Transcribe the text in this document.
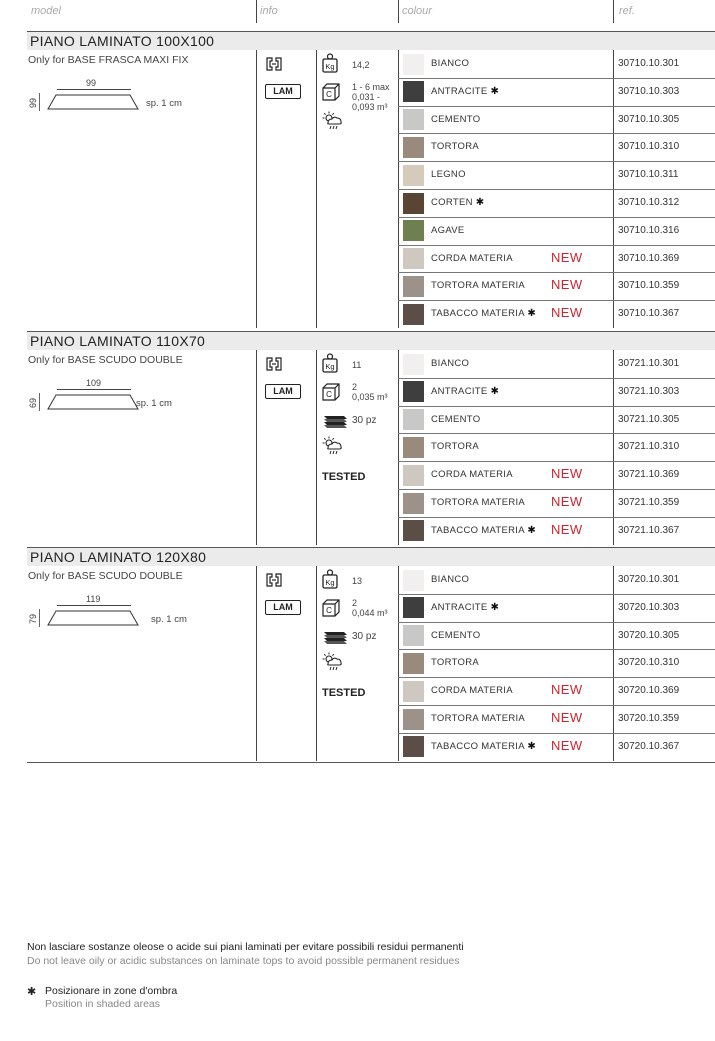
model	info	colour	ref.
PIANO LAMINATO 100X100
Only for BASE FRASCA MAXI FIX
99
99	sp. 1 cm
LAM
Kg 14,2
C
1 - 6 max
0,031 - 0,093 m³
BIANCO	30710.10.301
ANTRACITE ✱	30710.10.303
CEMENTO	30710.10.305
TORTORA	30710.10.310
LEGNO	30710.10.311
CORTEN ✱	30710.10.312
AGAVE	30710.10.316
CORDA MATERIA	NEW	30710.10.369
TORTORA MATERIA NEW	30710.10.359
TABACCO MATERIA ✱ NEW	30710.10.367
PIANO LAMINATO 110X70
Only for BASE SCUDO DOUBLE
109
69	sp. 1 cm
LAM
Kg 11
C
2
0,035 m³
30 pz
TESTED
BIANCO	30721.10.301
ANTRACITE ✱	30721.10.303
CEMENTO	30721.10.305
TORTORA	30721.10.310
CORDA MATERIA	NEW	30721.10.369
TORTORA MATERIA NEW	30721.10.359
TABACCO MATERIA ✱ NEW	30721.10.367
PIANO LAMINATO 120X80
Only for BASE SCUDO DOUBLE
119
79	sp. 1 cm
LAM
Kg 13
C
2
0,044 m³
30 pz
TESTED
BIANCO	30720.10.301
ANTRACITE ✱	30720.10.303
CEMENTO	30720.10.305
TORTORA	30720.10.310
CORDA MATERIA	NEW	30720.10.369
TORTORA MATERIA NEW	30720.10.359
TABACCO MATERIA ✱ NEW	30720.10.367
Non lasciare sostanze oleose o acide sui piani laminati per evitare possibili residui permanenti
Do not leave oily or acidic substances on laminate tops to avoid possible permanent residues
✱ Posizionare in zone d'ombra
Position in shaded areas
